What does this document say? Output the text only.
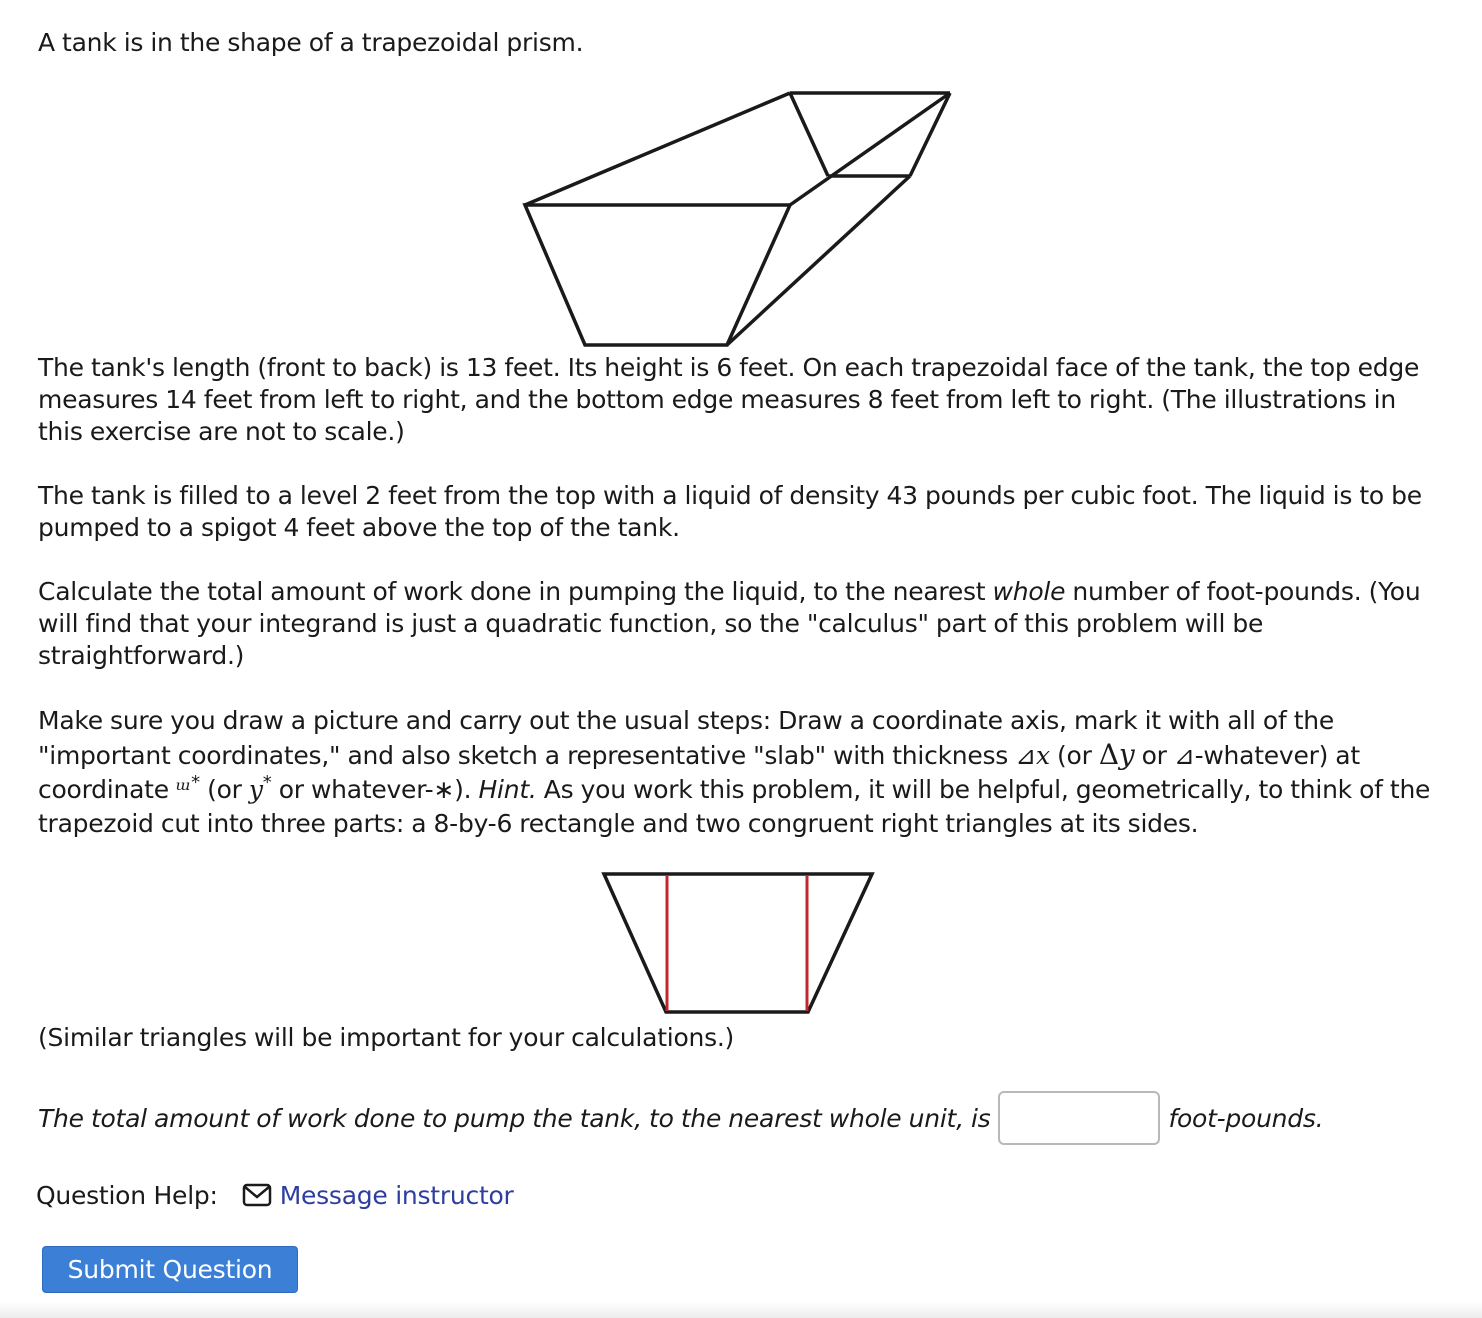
A tank is in the shape of a trapezoidal prism.

The tank's length (front to back) is 13 feet. Its height is 6 feet. On each trapezoidal face of the tank, the top edge measures 14 feet from left to right, and the bottom edge measures 8 feet from left to right. (The illustrations in this exercise are not to scale.)

The tank is filled to a level 2 feet from the top with a liquid of density 43 pounds per cubic foot. The liquid is to be pumped to a spigot 4 feet above the top of the tank.

Calculate the total amount of work done in pumping the liquid, to the nearest whole number of foot-pounds. (You will find that your integrand is just a quadratic function, so the "calculus" part of this problem will be straightforward.)

Make sure you draw a picture and carry out the usual steps: Draw a coordinate axis, mark it with all of the "important coordinates," and also sketch a representative "slab" with thickness ⊿x (or Δy or ⊿-whatever) at coordinate ᵚ* (or y* or whatever-∗). Hint. As you work this problem, it will be helpful, geometrically, to think of the trapezoid cut into three parts: a 8-by-6 rectangle and two congruent right triangles at its sides.

(Similar triangles will be important for your calculations.)

The total amount of work done to pump the tank, to the nearest whole unit, is	foot-pounds.
Question Help: Message instructor
Submit Question
